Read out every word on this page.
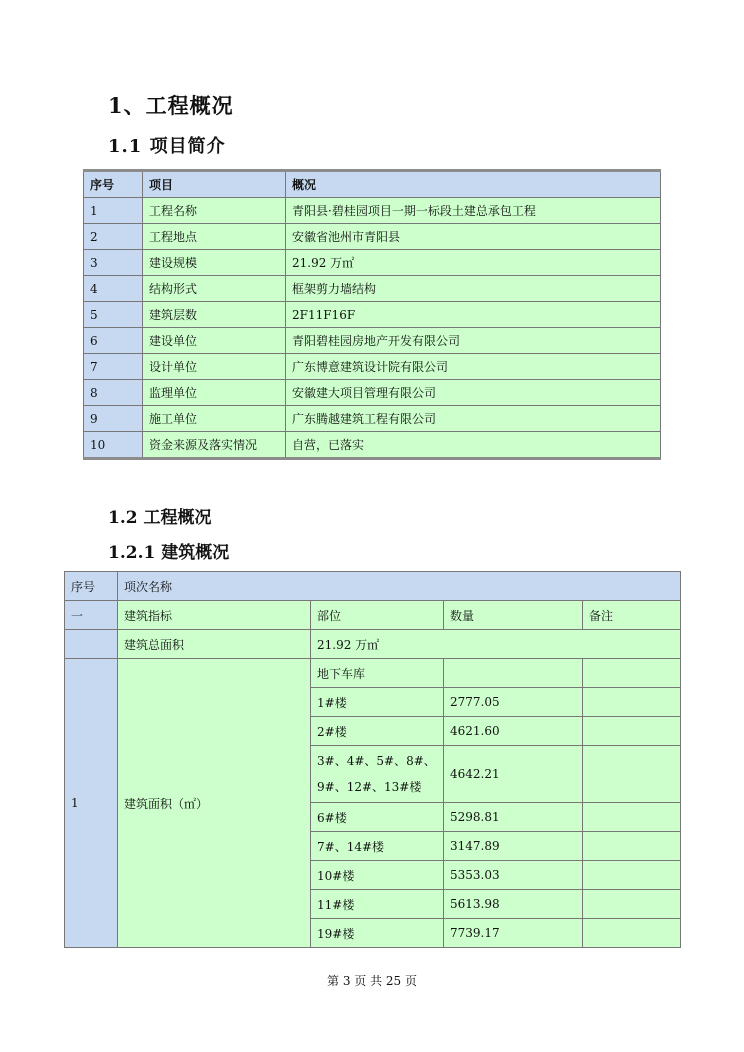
1、工程概况
1.1 项目简介
序号	项目	概况
1	工程名称	青阳县·碧桂园项目一期一标段土建总承包工程
2	工程地点	安徽省池州市青阳县
3	建设规模	21.92 万㎡
4	结构形式	框架剪力墙结构
5	建筑层数	2F11F16F
6	建设单位	青阳碧桂园房地产开发有限公司
7	设计单位	广东博意建筑设计院有限公司
8	监理单位	安徽建大项目管理有限公司
9	施工单位	广东腾越建筑工程有限公司
10	资金来源及落实情况	自营，已落实
1.2 工程概况
1.2.1 建筑概况
序号	项次名称			
一	建筑指标	部位	数量	备注
	建筑总面积	21.92 万㎡		
1	建筑面积（㎡）	地下车库		
		1#楼	2777.05	
		2#楼	4621.60	
		3#、4#、5#、8#、9#、12#、13#楼	4642.21	
		6#楼	5298.81	
		7#、14#楼	3147.89	
		10#楼	5353.03	
		11#楼	5613.98	
		19#楼	7739.17	
第 3 页 共 25 页
